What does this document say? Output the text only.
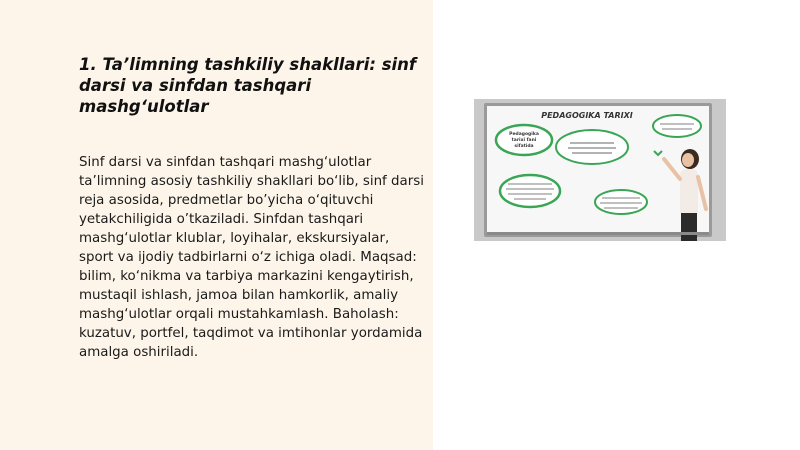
1. Ta’limning tashkiliy shakllari: sinf darsi va sinfdan tashqari mashg‘ulotlar

Sinf darsi va sinfdan tashqari mashg‘ulotlar ta’limning asosiy tashkiliy shakllari bo‘lib, sinf darsi reja asosida, predmetlar bo’yicha o‘qituvchi yetakchiligida o’tkaziladi. Sinfdan tashqari mashg‘ulotlar klublar, loyihalar, ekskursiyalar, sport va ijodiy tadbirlarni o‘z ichiga oladi. Maqsad: bilim, ko‘nikma va tarbiya markazini kengaytirish, mustaqil ishlash, jamoa bilan hamkorlik, amaliy mashg‘ulotlar orqali mustahkamlash. Baholash: kuzatuv, portfel, taqdimot va imtihonlar yordamida amalga oshiriladi.

PEDAGOGIKA TARIXI
Pedagogika
tarixi fani
sifatida
